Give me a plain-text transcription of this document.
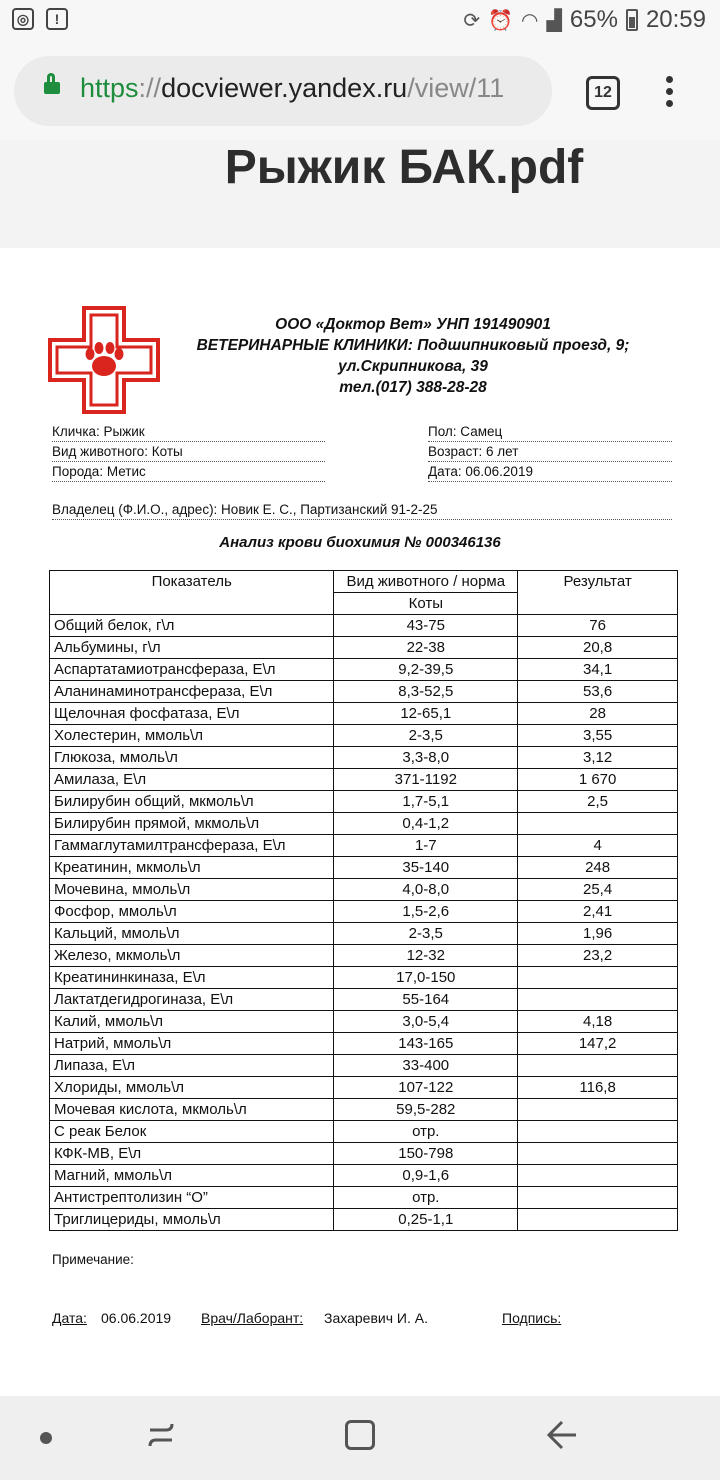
◎	!	⟳ ⏰ ◠ ▟ 65% 20:59
https://docviewer.yandex.ru/view/11	12
Рыжик БАК.pdf
ООО «Доктор Вет» УНП 191490901
ВЕТЕРИНАРНЫЕ КЛИНИКИ: Подшипниковый проезд, 9;
ул.Скрипникова, 39
тел.(017) 388-28-28
Кличка: Рыжик
Вид животного: Коты
Порода: Метис
Пол: Самец
Возраст: 6 лет
Дата: 06.06.2019
Владелец (Ф.И.О., адрес): Новик Е. С., Партизанский 91-2-25
Анализ крови биохимия № 000346136
Показатель	Вид животного / норма	Результат
	Коты	
Общий белок, г\л	43-75	76
Альбумины, г\л	22-38	20,8
Аспартатамиотрансфераза, Е\л	9,2-39,5	34,1
Аланинаминотрансфераза, Е\л	8,3-52,5	53,6
Щелочная фосфатаза, Е\л	12-65,1	28
Холестерин, ммоль\л	2-3,5	3,55
Глюкоза, ммоль\л	3,3-8,0	3,12
Амилаза, Е\л	371-1192	1 670
Билирубин общий, мкмоль\л	1,7-5,1	2,5
Билирубин прямой, мкмоль\л	0,4-1,2	
Гаммаглутамилтрансфераза, Е\л	1-7	4
Креатинин, мкмоль\л	35-140	248
Мочевина, ммоль\л	4,0-8,0	25,4
Фосфор, ммоль\л	1,5-2,6	2,41
Кальций, ммоль\л	2-3,5	1,96
Железо, мкмоль\л	12-32	23,2
Креатининкиназа, Е\л	17,0-150	
Лактатдегидрогиназа, Е\л	55-164	
Калий, ммоль\л	3,0-5,4	4,18
Натрий, ммоль\л	143-165	147,2
Липаза, Е\л	33-400	
Хлориды, ммоль\л	107-122	116,8
Мочевая кислота, мкмоль\л	59,5-282	
С реак Белок	отр.	
КФК-МВ, Е\л	150-798	
Магний, ммоль\л	0,9-1,6	
Антистрептолизин “О”	отр.	
Триглицериды, ммоль\л	0,25-1,1	
Примечание:
Дата: 06.06.2019 Врач/Лаборант: Захаревич И. А.	Подпись:
